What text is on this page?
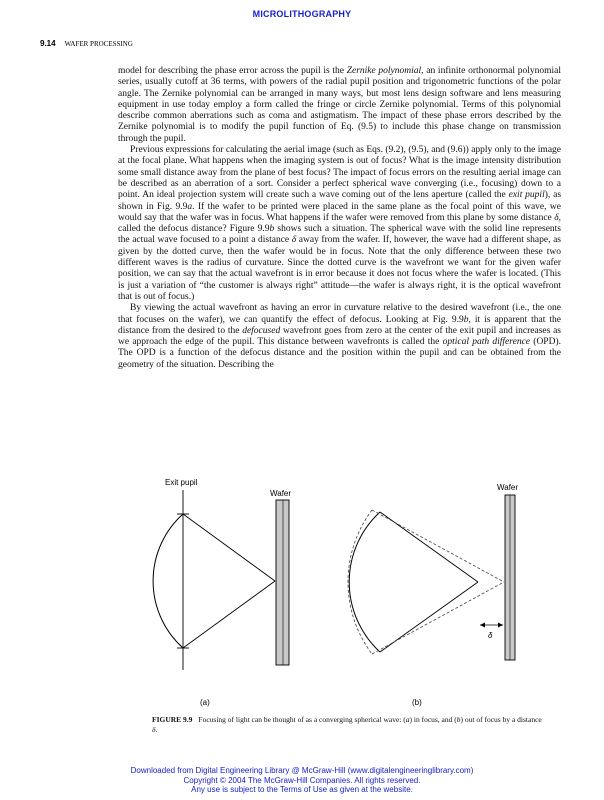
MICROLITHOGRAPHY
9.14 WAFER PROCESSING

model for describing the phase error across the pupil is the Zernike polynomial, an infinite orthonormal polynomial series, usually cutoff at 36 terms, with powers of the radial pupil position and trigonometric functions of the polar angle. The Zernike polynomial can be arranged in many ways, but most lens design software and lens measuring equipment in use today employ a form called the fringe or circle Zernike polynomial. Terms of this polynomial describe common aberrations such as coma and astigmatism. The impact of these phase errors described by the Zernike polynomial is to modify the pupil function of Eq. (9.5) to include this phase change on transmission through the pupil.

Previous expressions for calculating the aerial image (such as Eqs. (9.2), (9.5), and (9.6)) apply only to the image at the focal plane. What happens when the imaging system is out of focus? What is the image intensity distribution some small distance away from the plane of best focus? The impact of focus errors on the resulting aerial image can be described as an aberration of a sort. Consider a perfect spherical wave converging (i.e., focusing) down to a point. An ideal projection system will create such a wave coming out of the lens aperture (called the exit pupil), as shown in Fig. 9.9a. If the wafer to be printed were placed in the same plane as the focal point of this wave, we would say that the wafer was in focus. What happens if the wafer were removed from this plane by some distance δ, called the defocus distance? Figure 9.9b shows such a situation. The spherical wave with the solid line represents the actual wave focused to a point a distance δ away from the wafer. If, however, the wave had a different shape, as given by the dotted curve, then the wafer would be in focus. Note that the only difference between these two different waves is the radius of curvature. Since the dotted curve is the wavefront we want for the given wafer position, we can say that the actual wavefront is in error because it does not focus where the wafer is located. (This is just a variation of “the customer is always right” attitude—the wafer is always right, it is the optical wavefront that is out of focus.)

By viewing the actual wavefront as having an error in curvature relative to the desired wavefront (i.e., the one that focuses on the wafer), we can quantify the effect of defocus. Looking at Fig. 9.9b, it is apparent that the distance from the desired to the defocused wavefront goes from zero at the center of the exit pupil and increases as we approach the edge of the pupil. This distance between wavefronts is called the optical path difference (OPD). The OPD is a function of the defocus distance and the position within the pupil and can be obtained from the geometry of the situation. Describing the

Exit pupil
Wafer
(a)
Wafer
δ
(b)
FIGURE 9.9 Focusing of light can be thought of as a converging spherical wave: (a) in focus, and (b) out of focus by a distance δ.
Downloaded from Digital Engineering Library @ McGraw-Hill (www.digitalengineeringlibrary.com)
Copyright © 2004 The McGraw-Hill Companies. All rights reserved.
Any use is subject to the Terms of Use as given at the website.
